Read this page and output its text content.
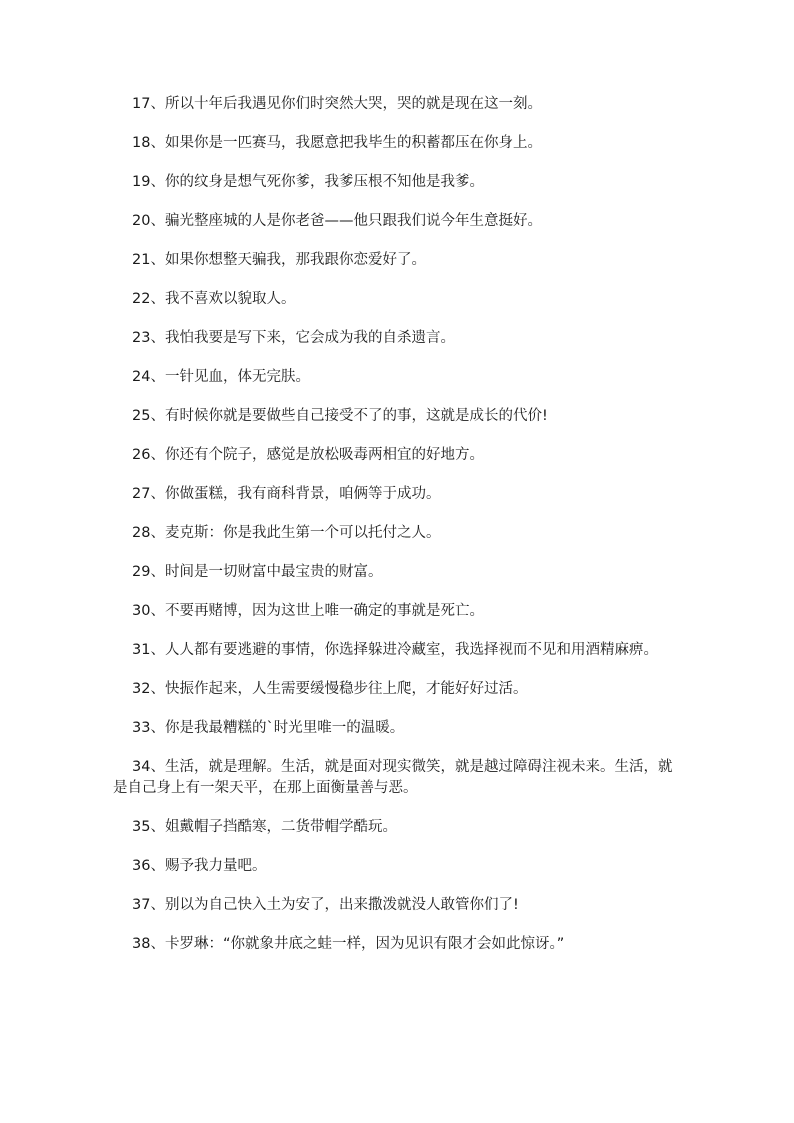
17、所以十年后我遇见你们时突然大哭，哭的就是现在这一刻。

18、如果你是一匹赛马，我愿意把我毕生的积蓄都压在你身上。

19、你的纹身是想气死你爹，我爹压根不知他是我爹。

20、骗光整座城的人是你老爸——他只跟我们说今年生意挺好。

21、如果你想整天骗我，那我跟你恋爱好了。

22、我不喜欢以貌取人。

23、我怕我要是写下来，它会成为我的自杀遗言。

24、一针见血，体无完肤。

25、有时候你就是要做些自己接受不了的事，这就是成长的代价!

26、你还有个院子，感觉是放松吸毒两相宜的好地方。

27、你做蛋糕，我有商科背景，咱俩等于成功。

28、麦克斯：你是我此生第一个可以托付之人。

29、时间是一切财富中最宝贵的财富。

30、不要再赌博，因为这世上唯一确定的事就是死亡。

31、人人都有要逃避的事情，你选择躲进冷藏室，我选择视而不见和用酒精麻痹。

32、快振作起来，人生需要缓慢稳步往上爬，才能好好过活。

33、你是我最糟糕的`时光里唯一的温暖。

34、生活，就是理解。生活，就是面对现实微笑，就是越过障碍注视未来。生活，就是自己身上有一架天平，在那上面衡量善与恶。

35、姐戴帽子挡酷寒，二货带帽学酷玩。

36、赐予我力量吧。

37、别以为自己快入土为安了，出来撒泼就没人敢管你们了!

38、卡罗琳：“你就象井底之蛙一样，因为见识有限才会如此惊讶。”
